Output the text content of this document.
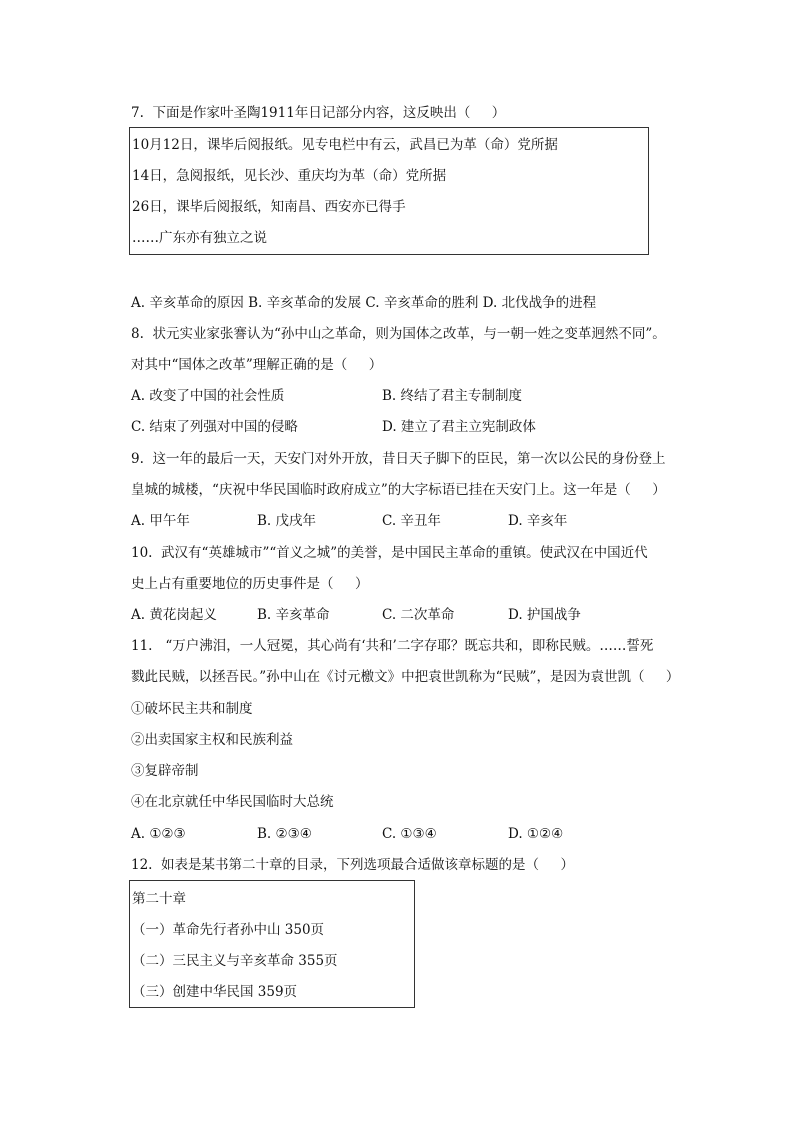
7.  下面是作家叶圣陶1911年日记部分内容，这反映出（     ）
10月12日，课毕后阅报纸。见专电栏中有云，武昌已为革（命）党所据
14日，急阅报纸，见长沙、重庆均为革（命）党所据
26日，课毕后阅报纸，知南昌、西安亦已得手
……广东亦有独立之说
A. 辛亥革命的原因 B. 辛亥革命的发展 C. 辛亥革命的胜利 D. 北伐战争的进程
8.  状元实业家张謇认为“孙中山之革命，则为国体之改革，与一朝一姓之变革迥然不同”。
对其中“国体之改革”理解正确的是（     ）
A. 改变了中国的社会性质	B. 终结了君主专制制度
C. 结束了列强对中国的侵略	D. 建立了君主立宪制政体
9.  这一年的最后一天，天安门对外开放，昔日天子脚下的臣民，第一次以公民的身份登上
皇城的城楼，“庆祝中华民国临时政府成立”的大字标语已挂在天安门上。这一年是（     ）
A. 甲午年	B. 戊戌年	C. 辛丑年	D. 辛亥年
10.  武汉有“英雄城市”“首义之城”的美誉，是中国民主革命的重镇。使武汉在中国近代
史上占有重要地位的历史事件是（     ）
A. 黄花岗起义	B. 辛亥革命	C. 二次革命	D. 护国战争
11.   “万户沸泪，一人冠冕，其心尚有‘共和’二字存耶？既忘共和，即称民贼。……誓死
戮此民贼，以拯吾民。”孙中山在《讨元檄文》中把袁世凯称为“民贼”，是因为袁世凯（     ）
①破坏民主共和制度
②出卖国家主权和民族利益
③复辟帝制
④在北京就任中华民国临时大总统
A. ①②③	B. ②③④	C. ①③④	D. ①②④
12.  如表是某书第二十章的目录，下列选项最合适做该章标题的是（     ）
第二十章
（一）革命先行者孙中山 350页
（二）三民主义与辛亥革命 355页
（三）创建中华民国 359页
